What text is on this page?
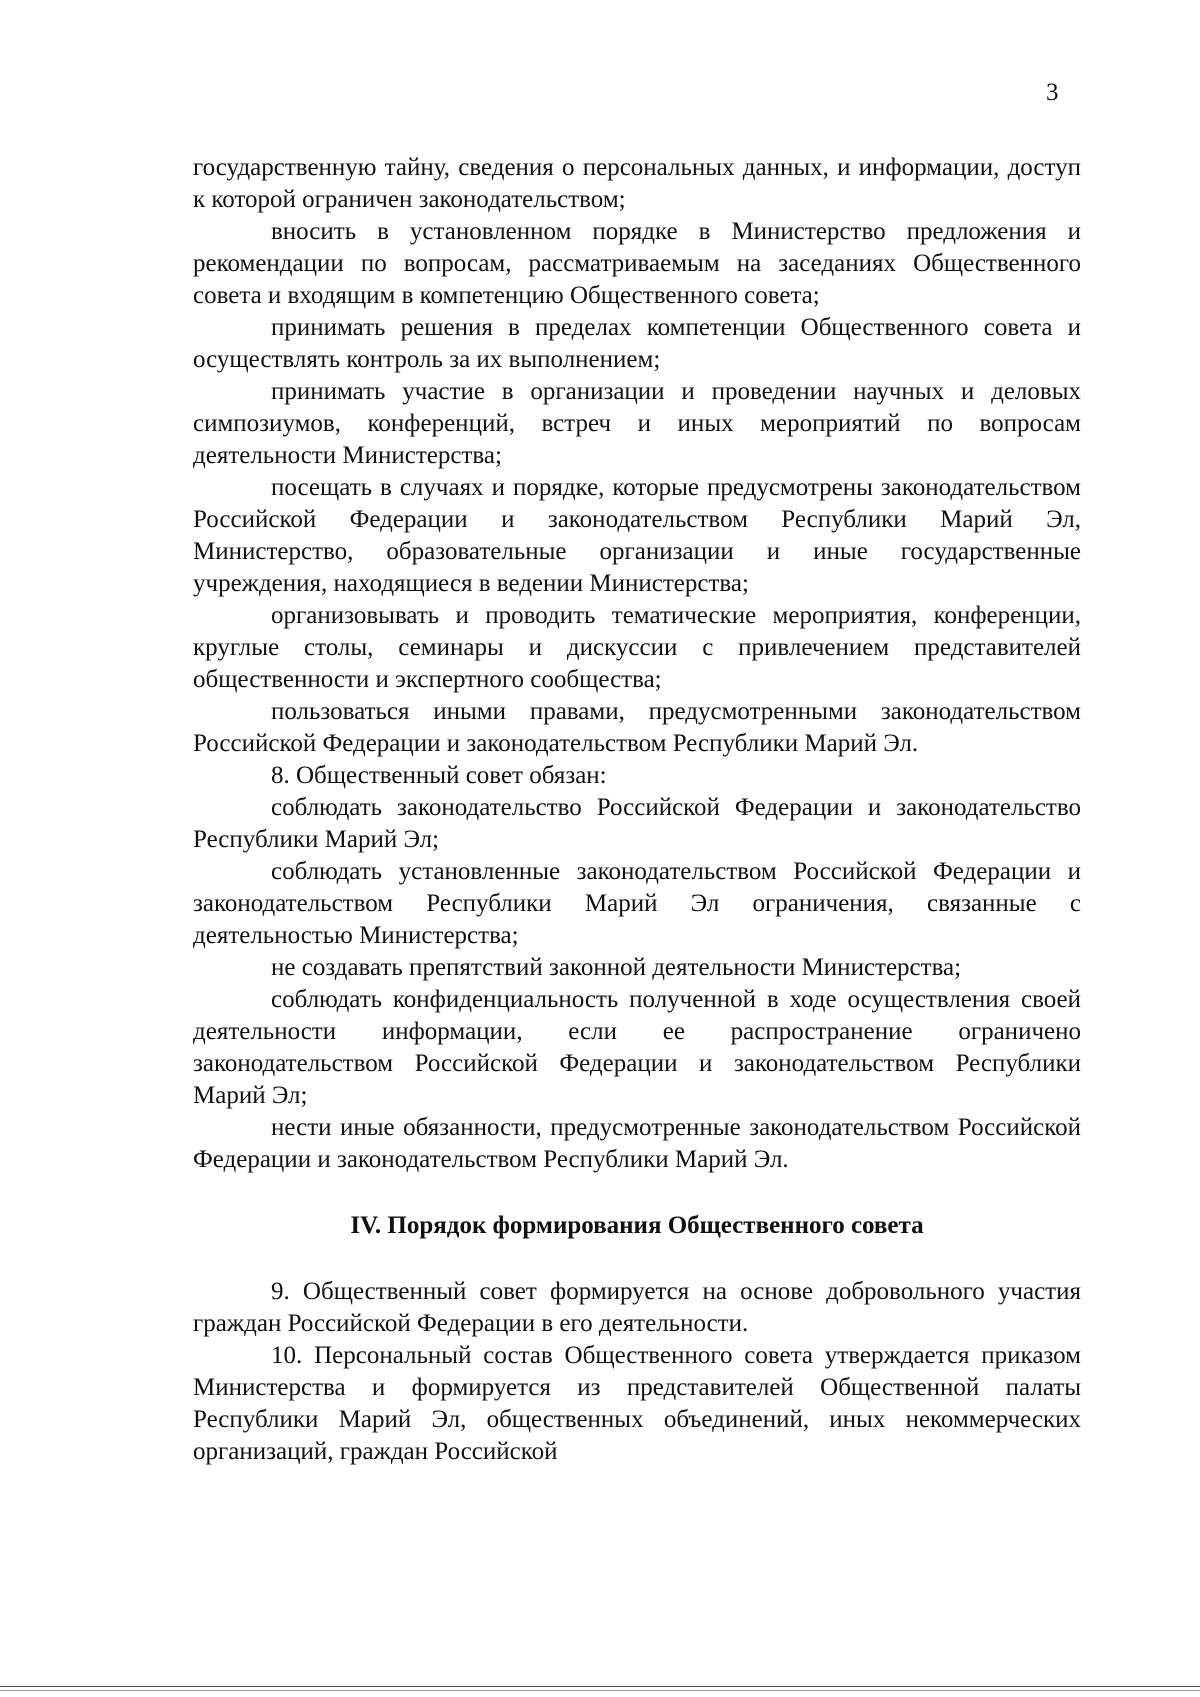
3

государственную тайну, сведения о персональных данных, и информации, доступ к которой ограничен законодательством;

вносить в установленном порядке в Министерство предложения и рекомендации по вопросам, рассматриваемым на заседаниях Общественного совета и входящим в компетенцию Общественного совета;

принимать решения в пределах компетенции Общественного совета и осуществлять контроль за их выполнением;

принимать участие в организации и проведении научных и деловых симпозиумов, конференций, встреч и иных мероприятий по вопросам деятельности Министерства;

посещать в случаях и порядке, которые предусмотрены законодательством Российской Федерации и законодательством Республики Марий Эл, Министерство, образовательные организации и иные государственные учреждения, находящиеся в ведении Министерства;

организовывать и проводить тематические мероприятия, конференции, круглые столы, семинары и дискуссии с привлечением представителей общественности и экспертного сообщества;

пользоваться иными правами, предусмотренными законодательством Российской Федерации и законодательством Республики Марий Эл.

8. Общественный совет обязан:

соблюдать законодательство Российской Федерации и законодательство Республики Марий Эл;

соблюдать установленные законодательством Российской Федерации и законодательством Республики Марий Эл ограничения, связанные с деятельностью Министерства;

не создавать препятствий законной деятельности Министерства;

соблюдать конфиденциальность полученной в ходе осуществления своей деятельности информации, если ее распространение ограничено законодательством Российской Федерации и законодательством Республики Марий Эл;

нести иные обязанности, предусмотренные законодательством Российской Федерации и законодательством Республики Марий Эл.

IV. Порядок формирования Общественного совета

9. Общественный совет формируется на основе добровольного участия граждан Российской Федерации в его деятельности.

10. Персональный состав Общественного совета утверждается приказом Министерства и формируется из представителей Общественной палаты Республики Марий Эл, общественных объединений, иных некоммерческих организаций, граждан Российской
